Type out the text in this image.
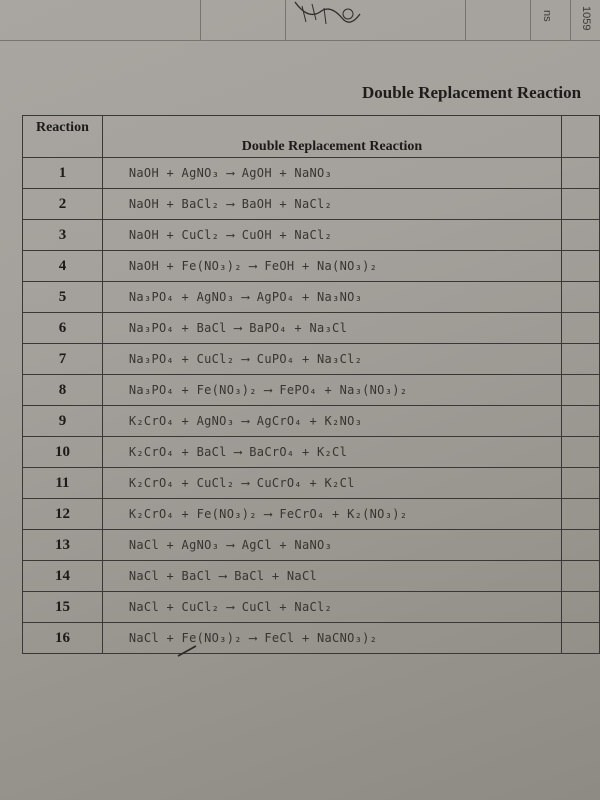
ns 1059
Double Replacement Reaction
Reaction	Double Replacement Reaction	
1	NaOH + AgNO₃ ⟶ AgOH + NaNO₃	
2	NaOH + BaCl₂ ⟶ BaOH + NaCl₂	
3	NaOH + CuCl₂ ⟶ CuOH + NaCl₂	
4	NaOH + Fe(NO₃)₂ ⟶ FeOH + Na(NO₃)₂	
5	Na₃PO₄ + AgNO₃ ⟶ AgPO₄ + Na₃NO₃	
6	Na₃PO₄ + BaCl ⟶ BaPO₄ + Na₃Cl	
7	Na₃PO₄ + CuCl₂ ⟶ CuPO₄ + Na₃Cl₂	
8	Na₃PO₄ + Fe(NO₃)₂ ⟶ FePO₄ + Na₃(NO₃)₂	
9	K₂CrO₄ + AgNO₃ ⟶ AgCrO₄ + K₂NO₃	
10	K₂CrO₄ + BaCl ⟶ BaCrO₄ + K₂Cl	
11	K₂CrO₄ + CuCl₂ ⟶ CuCrO₄ + K₂Cl	
12	K₂CrO₄ + Fe(NO₃)₂ ⟶ FeCrO₄ + K₂(NO₃)₂	
13	NaCl + AgNO₃ ⟶ AgCl + NaNO₃	
14	NaCl + BaCl ⟶ BaCl + NaCl	
15	NaCl + CuCl₂ ⟶ CuCl + NaCl₂	
16	NaCl + Fe(NO₃)₂ ⟶ FeCl + NaCNO₃)₂	
